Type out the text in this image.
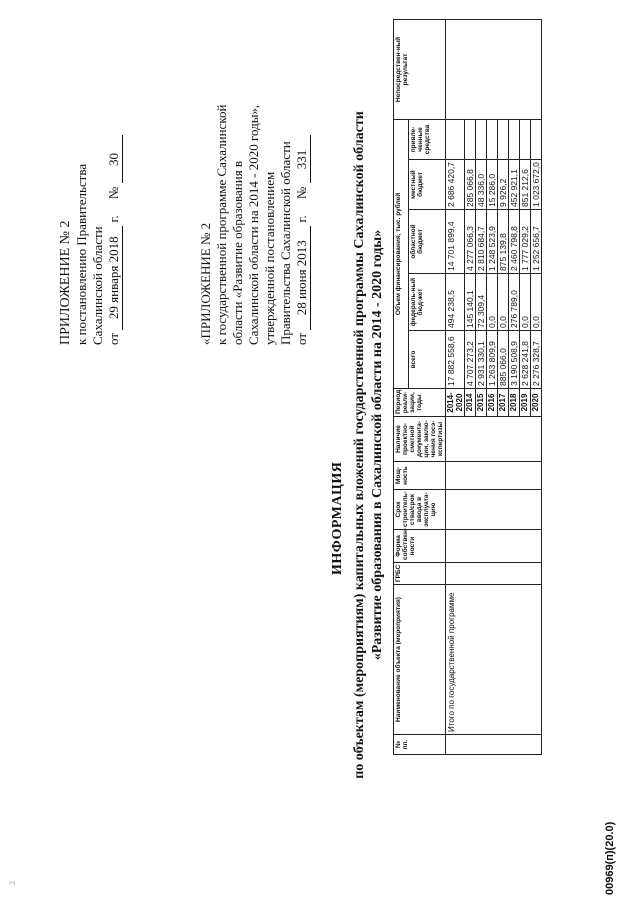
2
ПРИЛОЖЕНИЕ № 2 к постановлению Правительства Сахалинской области от 29 января 2018 г.     № 30
«ПРИЛОЖЕНИЕ № 2 к государственной программе Сахалинской области «Развитие образования в Сахалинской области на 2014 - 2020 годы», утвержденной постановлением Правительства Сахалинской области от 28 июня 2013 г.     № 331
ИНФОРМАЦИЯ по объектам (мероприятиям) капитальных вложений государственной программы Сахалинской области «Развитие образования в Сахалинской области на 2014 - 2020 годы»
№ пп.	Наименование объекта (мероприятия)	ГРБС	Форма собствен-ности	Срок строитель-ства/срок ввода в эксплуата-цию	Мощ-ность	Наличие проектно-сметной документа-ции, заклю-чения госэ-кспертизы	Период реали-зации, годы	Объем финансирования, тыс. рублей					Непосредствен-ный результат
								всего	федераль-ный бюд-жет	областной бюджет	местный бюджет	привле-ченные средства	
	Итого по государственной программе						2014-2020	17 882 558,6	494 238,5	14 701 899,4	2 686 420,7		
							2014	4 707 273,2	145 140,1	4 277 066,3	285 066,8		
							2015	2 931 330,1	72 309,4	2 810 684,7	48 336,0		
							2016	1 263 809,9	0,0	1 248 523,9	15 286,0		
							2017	885 066,0	0,0	875 139,8	9 926,2		
							2018	3 190 508,9	276 789,0	2 460 798,8	452 921,1		
							2019	2 628 241,8	0,0	1 777 029,2	851 212,6		
							2020	2 276 328,7	0,0	1 252 656,7	1 023 672,0		
00969(п)(20.0)
